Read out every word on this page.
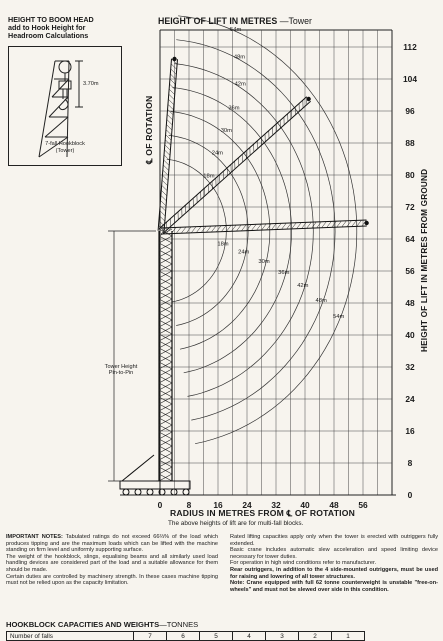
HEIGHT TO BOOM HEAD
add to Hook Height for
Headroom Calculations
3.70m
7-fall Hookblock
(Tower)
HEIGHT OF LIFT IN METRES —Tower
℄ OF ROTATION
Tower Height
Pin-to-Pin
HEIGHT OF LIFT IN METRES FROM GROUND
0	8	16 24 32 40 48 56
0
8
16
24
32
40
48
56
64
72
80
88
96
104
112
18m
18m
24m
24m
30m
30m
36m
36m
42m
42m
48m
48m
54m
54m
RADIUS IN METRES FROM ℄ OF ROTATION
The above heights of lift are for multi-fall blocks.
IMPORTANT NOTES: Tabulated ratings do not exceed 66⅔% of the load which produces tipping and are the maximum loads which can be lifted with the machine standing on firm level and uniformly supporting surface.
The weight of the hookblock, slings, equalising beams and all similarly used load handling devices are considered part of the load and a suitable allowance for them should be made.
Certain duties are controlled by machinery strength. In these cases machine tipping must not be relied upon as the capacity limitation.
Rated lifting capacities apply only when the tower is erected with outriggers fully extended.
Basic crane includes automatic slew acceleration and speed limiting device necessary for tower duties.
For operation in high wind conditions refer to manufacturer.
Rear outriggers, in addition to the 4 side-mounted outriggers, must be used for raising and lowering of all tower structures.
Note: Crane equipped with full 62 tonne counterweight is unstable "free-on-wheels" and must not be slewed over side in this condition.
HOOKBLOCK CAPACITIES AND WEIGHTS—TONNES
Number of falls	7	6	5	4	3	2	1
